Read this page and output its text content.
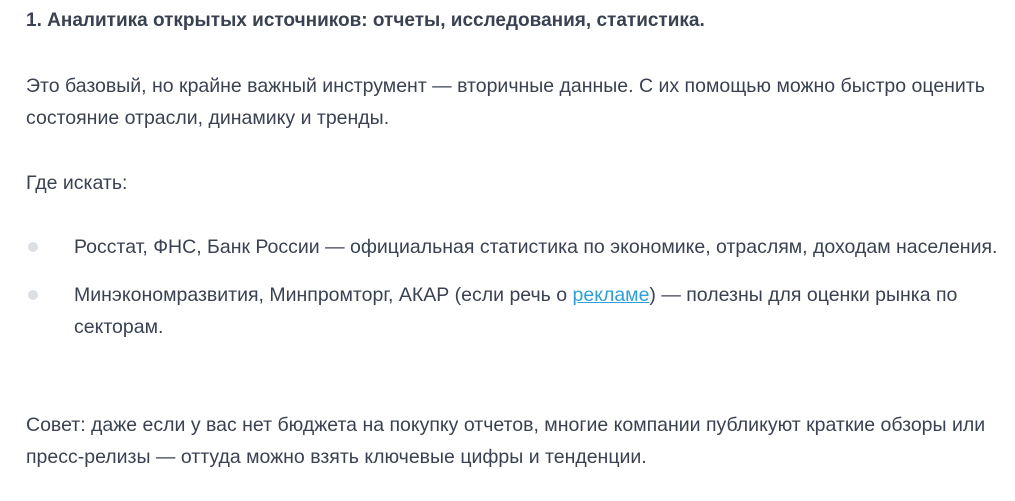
1. Аналитика открытых источников: отчеты, исследования, статистика.

Это базовый, но крайне важный инструмент — вторичные данные. С их помощью можно быстро оценить состояние отрасли, динамику и тренды.

Где искать:

Росстат, ФНС, Банк России — официальная статистика по экономике, отраслям, доходам населения.
Минэкономразвития, Минпромторг, АКАР (если речь о рекламе) — полезны для оценки рынка по секторам.

Совет: даже если у вас нет бюджета на покупку отчетов, многие компании публикуют краткие обзоры или пресс-релизы — оттуда можно взять ключевые цифры и тенденции.
